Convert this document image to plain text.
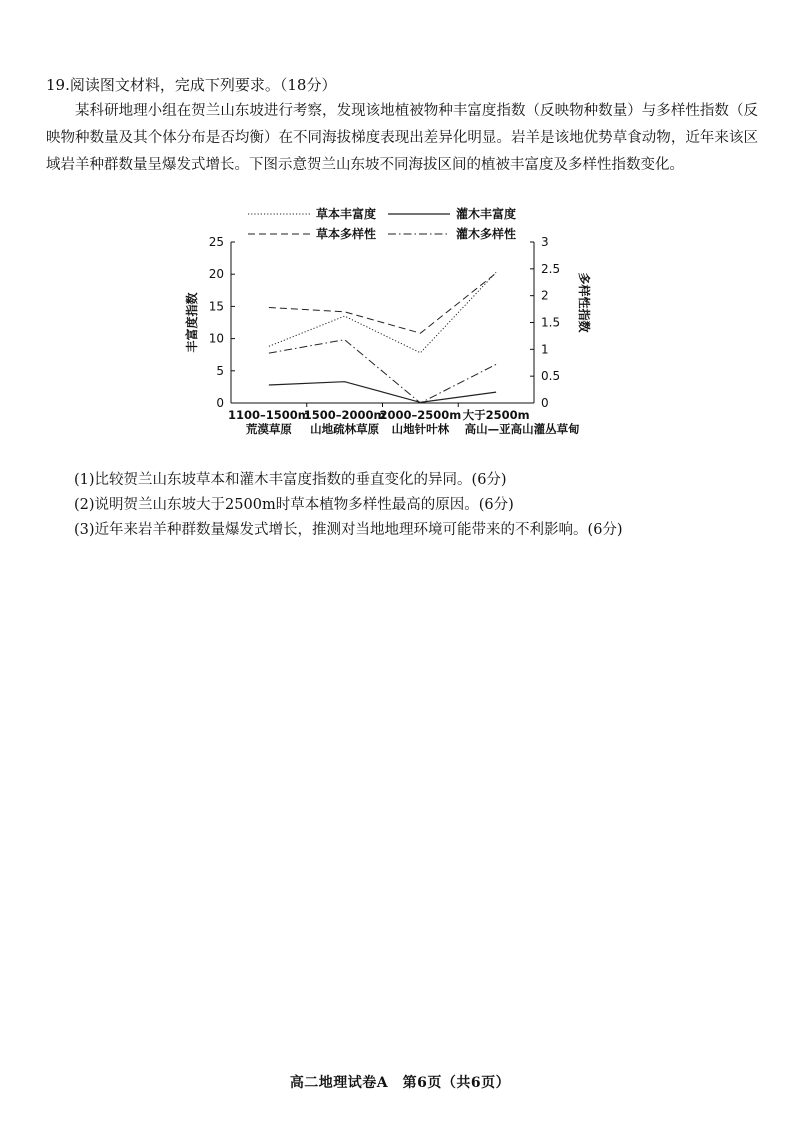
19.阅读图文材料，完成下列要求。（18分）
某科研地理小组在贺兰山东坡进行考察，发现该地植被物种丰富度指数（反映物种数量）与多样性指数（反映物种数量及其个体分布是否均衡）在不同海拔梯度表现出差异化明显。岩羊是该地优势草食动物，近年来该区域岩羊种群数量呈爆发式增长。下图示意贺兰山东坡不同海拔区间的植被丰富度及多样性指数变化。
草本丰富度	灌木丰富度
草本多样性	灌木多样性
0
5
10
15
20
25
0
0.5
1
1.5
2
2.5
3
1100–1500m
1500–2000m
2000–2500m 大于2500m
荒漠草原 山地疏林草原 山地针叶林 高山—亚高山灌丛草甸
丰富度指数	多样性指数
(1)比较贺兰山东坡草本和灌木丰富度指数的垂直变化的异同。(6分)
(2)说明贺兰山东坡大于2500m时草本植物多样性最高的原因。(6分)
(3)近年来岩羊种群数量爆发式增长，推测对当地地理环境可能带来的不利影响。(6分)
高二地理试卷A　第6页（共6页）
